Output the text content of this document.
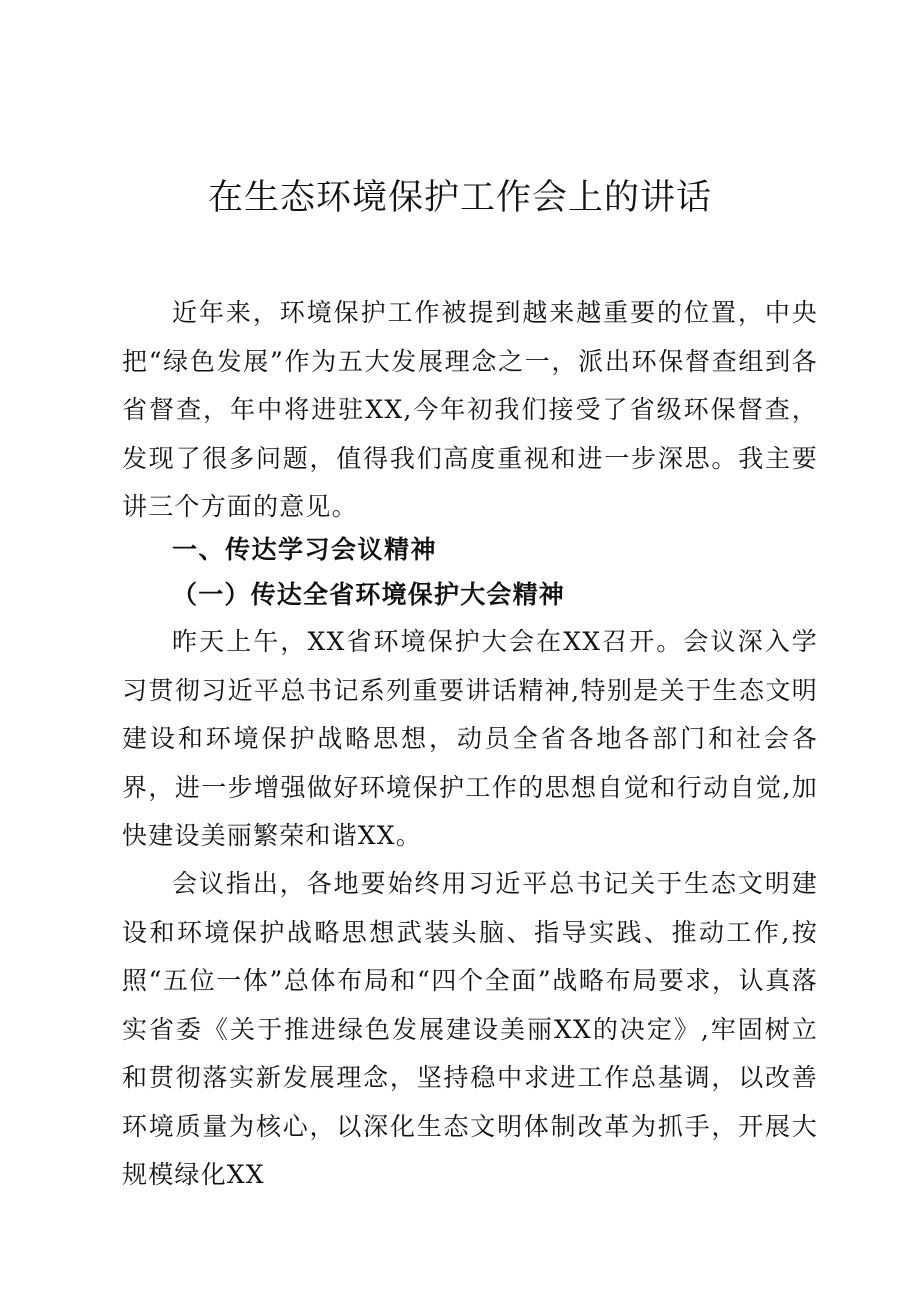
在生态环境保护工作会上的讲话

近年来，环境保护工作被提到越来越重要的位置，中央把“绿色发展”作为五大发展理念之一，派出环保督查组到各省督查，年中将进驻XX,今年初我们接受了省级环保督查，发现了很多问题，值得我们高度重视和进一步深思。我主要讲三个方面的意见。

一、传达学习会议精神
（一）传达全省环境保护大会精神

昨天上午，XX省环境保护大会在XX召开。会议深入学习贯彻习近平总书记系列重要讲话精神,特别是关于生态文明建设和环境保护战略思想，动员全省各地各部门和社会各界，进一步增强做好环境保护工作的思想自觉和行动自觉,加快建设美丽繁荣和谐XX。

会议指出，各地要始终用习近平总书记关于生态文明建设和环境保护战略思想武装头脑、指导实践、推动工作,按照“五位一体”总体布局和“四个全面”战略布局要求，认真落实省委《关于推进绿色发展建设美丽XX的决定》,牢固树立和贯彻落实新发展理念，坚持稳中求进工作总基调，以改善环境质量为核心，以深化生态文明体制改革为抓手，开展大规模绿化XX
